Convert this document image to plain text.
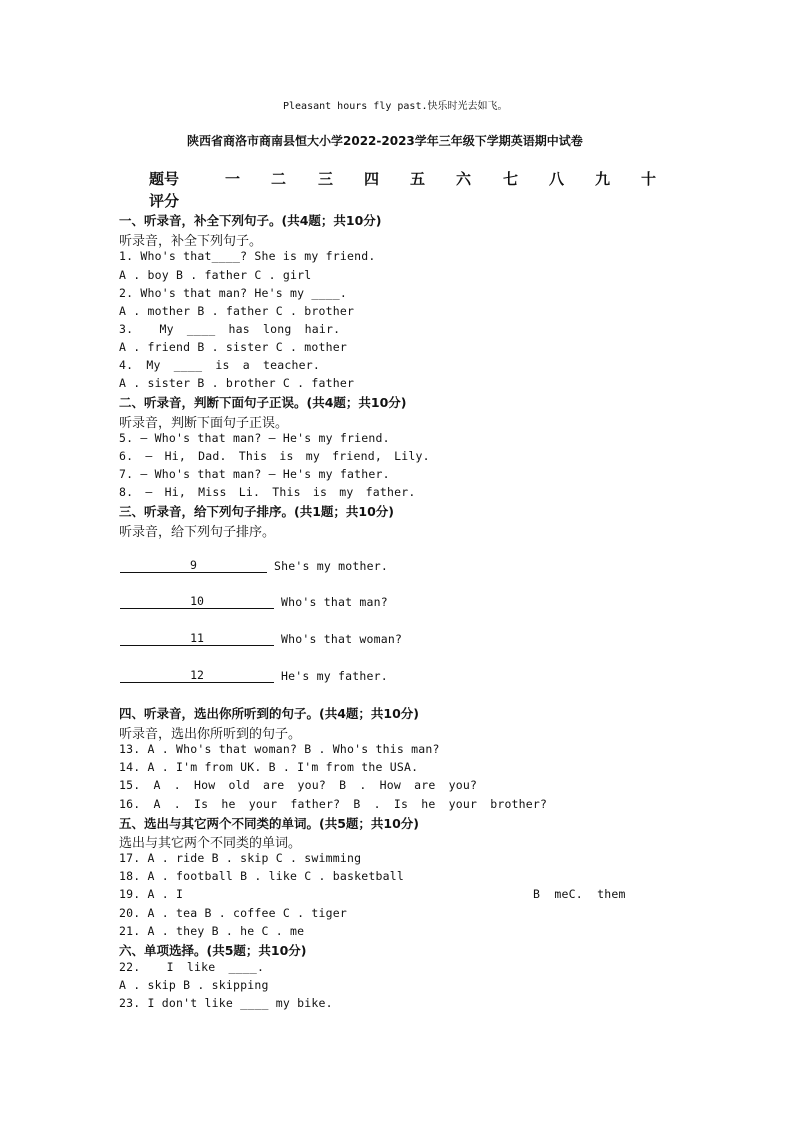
Pleasant hours fly past.快乐时光去如飞。
陕西省商洛市商南县恒大小学2022-2023学年三年级下学期英语期中试卷
题号	一 二 三 四 五 六 七 八 九 十
评分
一、听录音，补全下列句子。(共4题；共10分)
听录音，补全下列句子。
1. Who's that____? She is my friend.
A . boy B . father C . girl
2. Who's that man? He's my ____.
A . mother B . father C . brother
3.  My ____ has long hair.
A . friend B . sister C . mother
4. My ____ is a teacher.
A . sister B . brother C . father
二、听录音，判断下面句子正误。(共4题；共10分)
听录音，判断下面句子正误。
5. — Who's that man? — He's my friend.
6. — Hi, Dad. This is my friend, Lily.
7. — Who's that man? — He's my father.
8. — Hi, Miss Li. This is my father.
三、听录音，给下列句子排序。(共1题；共10分)
听录音，给下列句子排序。
9	She's my mother.
10	Who's that man?
11	Who's that woman?
12	He's my father.
四、听录音，选出你所听到的句子。(共4题；共10分)
听录音，选出你所听到的句子。
13. A . Who's that woman? B . Who's this man?
14. A . I'm from UK. B . I'm from the USA.
15. A . How old are you? B . How are you?
16. A . Is he your father? B . Is he your brother?
五、选出与其它两个不同类的单词。(共5题；共10分)
选出与其它两个不同类的单词。
17. A . ride B . skip C . swimming
18. A . football B . like C . basketball
19. A . I	B  meC.  them
20. A . tea B . coffee C . tiger
21. A . they B . he C . me
六、单项选择。(共5题；共10分)
22.  I like ____.
A . skip B . skipping
23. I don't like ____ my bike.
